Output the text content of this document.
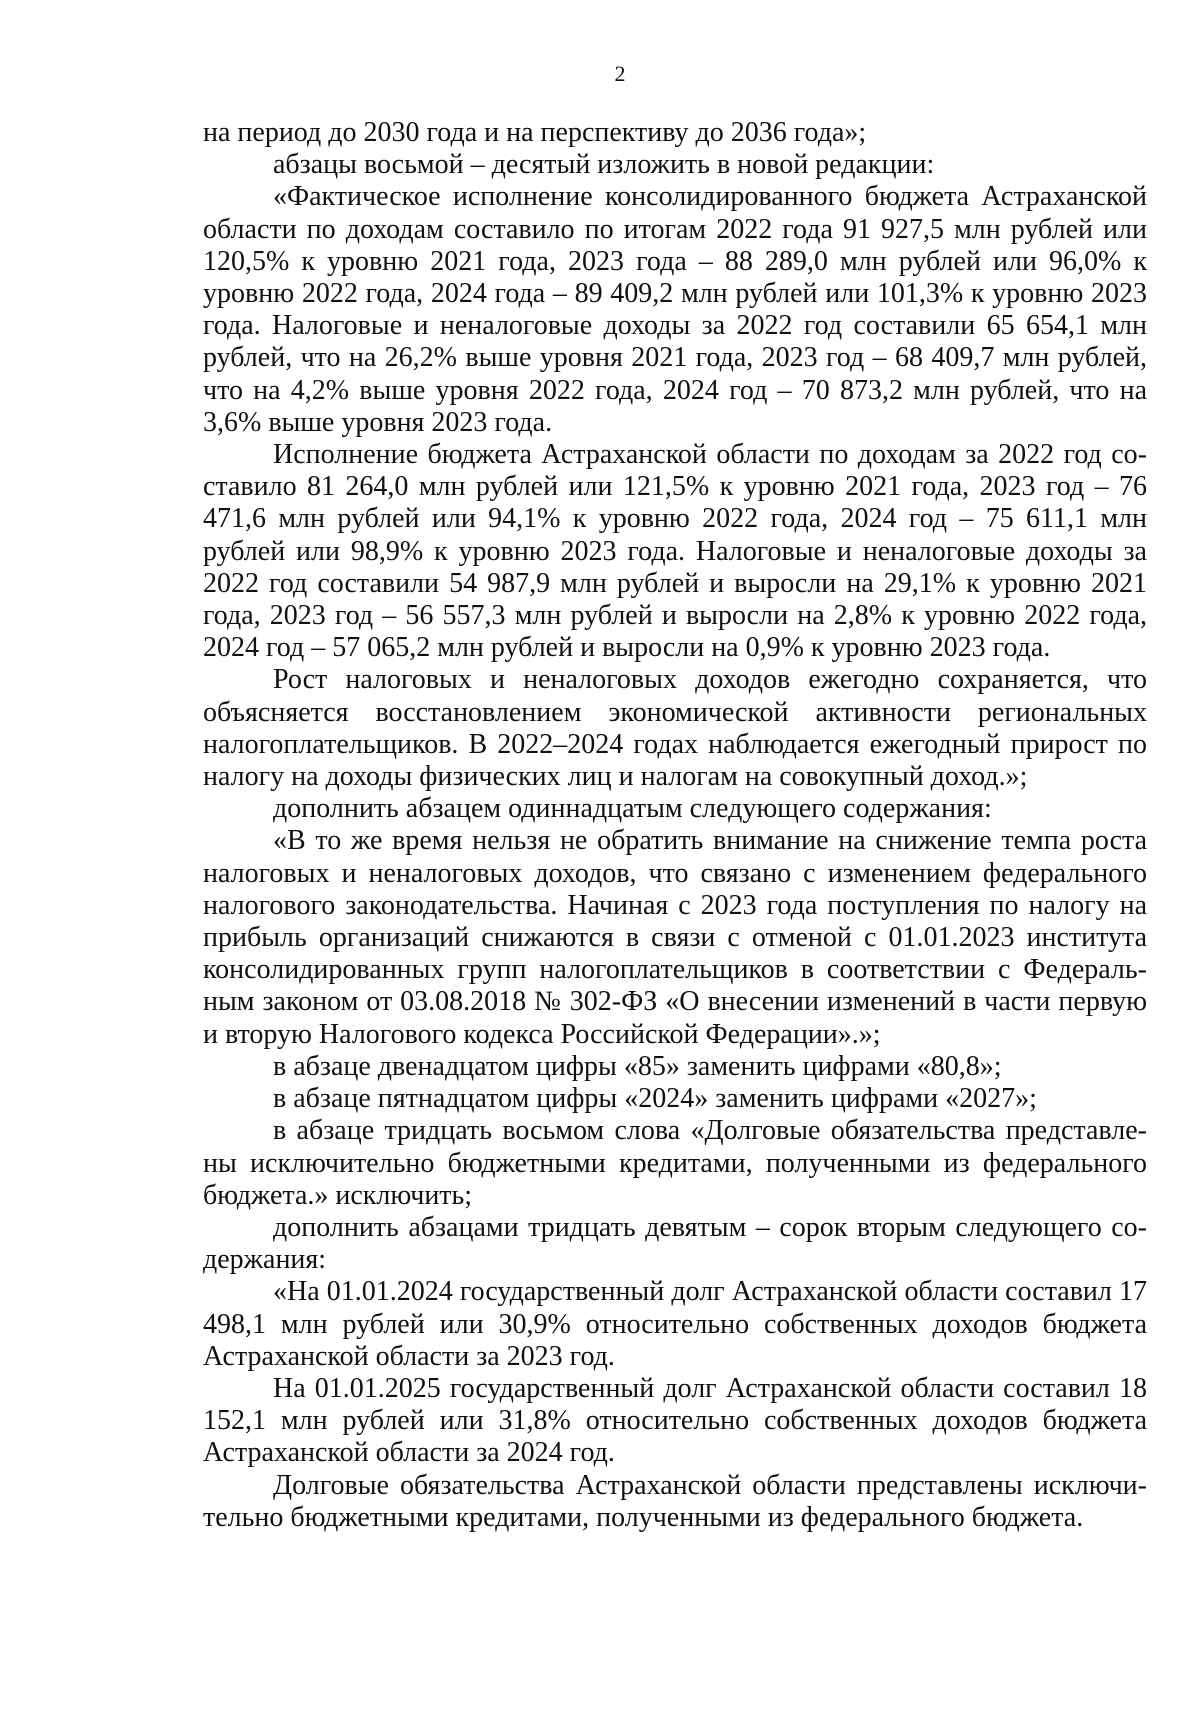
2

на период до 2030 года и на перспективу до 2036 года»;

абзацы восьмой – десятый изложить в новой редакции:

«Фактическое исполнение консолидированного бюджета Астраханской области по доходам составило по итогам 2022 года 91 927,5 млн рублей или 120,5% к уровню 2021 года, 2023 года – 88 289,0 млн рублей или 96,0% к уровню 2022 года, 2024 года – 89 409,2 млн рублей или 101,3% к уровню 2023 года. Налоговые и неналоговые доходы за 2022 год составили 65 654,1 млн рублей, что на 26,2% выше уровня 2021 года, 2023 год – 68 409,7 млн рублей, что на 4,2% выше уровня 2022 года, 2024 год – 70 873,2 млн рублей, что на 3,6% выше уровня 2023 года.

Исполнение бюджета Астраханской области по доходам за 2022 год составило 81 264,0 млн рублей или 121,5% к уровню 2021 года, 2023 год – 76 471,6 млн рублей или 94,1% к уровню 2022 года, 2024 год – 75 611,1 млн рублей или 98,9% к уровню 2023 года. Налоговые и неналоговые доходы за 2022 год составили 54 987,9 млн рублей и выросли на 29,1% к уровню 2021 года, 2023 год – 56 557,3 млн рублей и выросли на 2,8% к уровню 2022 года, 2024 год – 57 065,2 млн рублей и выросли на 0,9% к уровню 2023 года.

Рост налоговых и неналоговых доходов ежегодно сохраняется, что объясняется восстановлением экономической активности региональных налогоплательщиков. В 2022–2024 годах наблюдается ежегодный прирост по налогу на доходы физических лиц и налогам на совокупный доход.»;

дополнить абзацем одиннадцатым следующего содержания:

«В то же время нельзя не обратить внимание на снижение темпа роста налоговых и неналоговых доходов, что связано с изменением федерального налогового законодательства. Начиная с 2023 года поступления по налогу на прибыль организаций снижаются в связи с отменой с 01.01.2023 института консолидированных групп налогоплательщиков в соответствии с Федеральным законом от 03.08.2018 № 302-ФЗ «О внесении изменений в части первую и вторую Налогового кодекса Российской Федерации».»;

в абзаце двенадцатом цифры «85» заменить цифрами «80,8»;

в абзаце пятнадцатом цифры «2024» заменить цифрами «2027»;

в абзаце тридцать восьмом слова «Долговые обязательства представлены исключительно бюджетными кредитами, полученными из федерального бюджета.» исключить;

дополнить абзацами тридцать девятым – сорок вторым следующего содержания:

«На 01.01.2024 государственный долг Астраханской области составил 17 498,1 млн рублей или 30,9% относительно собственных доходов бюджета Астраханской области за 2023 год.

На 01.01.2025 государственный долг Астраханской области составил 18 152,1 млн рублей или 31,8% относительно собственных доходов бюджета Астраханской области за 2024 год.

Долговые обязательства Астраханской области представлены исключительно бюджетными кредитами, полученными из федерального бюджета.
